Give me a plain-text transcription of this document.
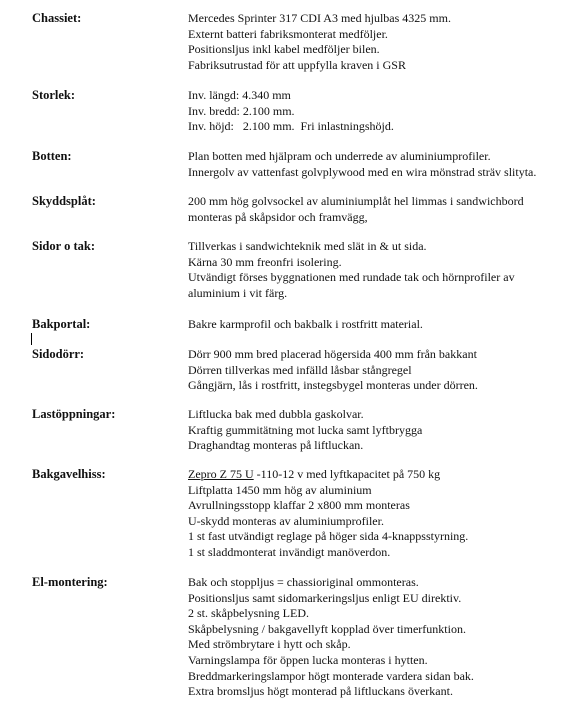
Chassiet:	Mercedes Sprinter 317 CDI A3 med hjulbas 4325 mm.
Externt batteri fabriksmonterat medföljer.
Positionsljus inkl kabel medföljer bilen.
Fabriksutrustad för att uppfylla kraven i GSR
Storlek:	Inv. längd: 4.340 mm
Inv. bredd: 2.100 mm.
Inv. höjd:   2.100 mm.  Fri inlastningshöjd.
Botten:	Plan botten med hjälpram och underrede av aluminiumprofiler.
Innergolv av vattenfast golvplywood med en wira mönstrad sträv slityta.
Skyddsplåt:	200 mm hög golvsockel av aluminiumplåt hel limmas i sandwichbord
monteras på skåpsidor och framvägg,
Sidor o tak:	Tillverkas i sandwichteknik med slät in & ut sida.
Kärna 30 mm freonfri isolering.
Utvändigt förses byggnationen med rundade tak och hörnprofiler av
aluminium i vit färg.
Bakportal:	Bakre karmprofil och bakbalk i rostfritt material.
Sidodörr:	Dörr 900 mm bred placerad högersida 400 mm från bakkant
Dörren tillverkas med infälld låsbar stångregel
Gångjärn, lås i rostfritt, instegsbygel monteras under dörren.
Lastöppningar:	Liftlucka bak med dubbla gaskolvar.
Kraftig gummitätning mot lucka samt lyftbrygga
Draghandtag monteras på liftluckan.
Bakgavelhiss:	Zepro Z 75 U -110-12 v med lyftkapacitet på 750 kg
Liftplatta 1450 mm hög av aluminium
Avrullningsstopp klaffar 2 x800 mm monteras
U-skydd monteras av aluminiumprofiler.
1 st fast utvändigt reglage på höger sida 4-knappsstyrning.
1 st sladdmonterat invändigt manöverdon.
El-montering:	Bak och stoppljus = chassioriginal ommonteras.
Positionsljus samt sidomarkeringsljus enligt EU direktiv.
2 st. skåpbelysning LED.
Skåpbelysning / bakgavellyft kopplad över timerfunktion.
Med strömbrytare i hytt och skåp.
Varningslampa för öppen lucka monteras i hytten.
Breddmarkeringslampor högt monterade vardera sidan bak.
Extra bromsljus högt monterad på liftluckans överkant.
